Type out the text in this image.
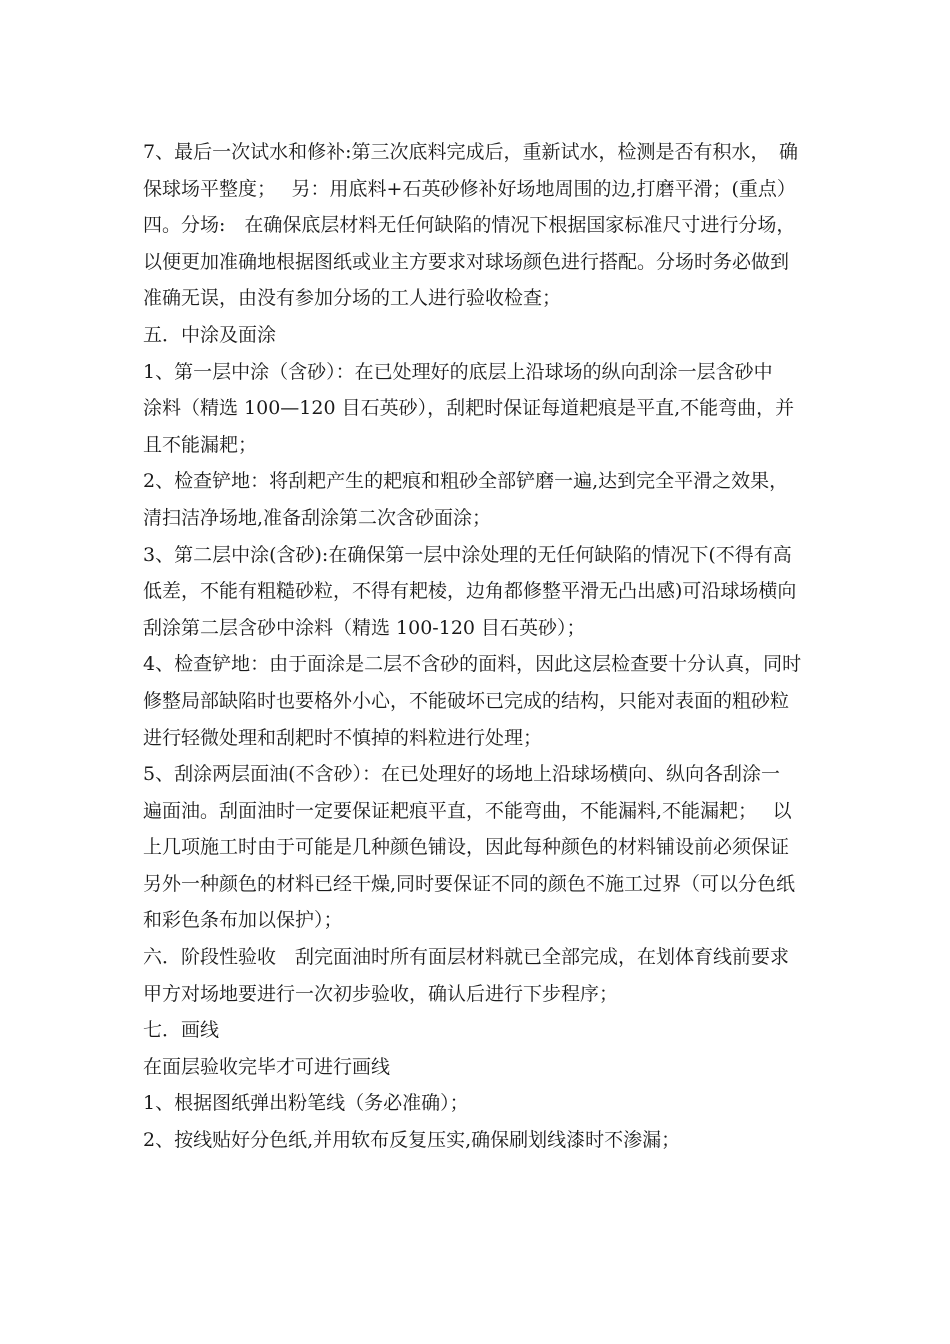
7、最后一次试水和修补:第三次底料完成后，重新试水，检测是否有积水，　确
保球场平整度；　 另：用底料+石英砂修补好场地周围的边,打磨平滑；(重点）
四。分场:　在确保底层材料无任何缺陷的情况下根据国家标准尺寸进行分场，
以便更加准确地根据图纸或业主方要求对球场颜色进行搭配。分场时务必做到
准确无误，由没有参加分场的工人进行验收检查；
五．中涂及面涂
1、第一层中涂（含砂）：在已处理好的底层上沿球场的纵向刮涂一层含砂中
涂料（精选 100—120 目石英砂），刮耙时保证每道耙痕是平直,不能弯曲，并
且不能漏耙；
2、检查铲地：将刮耙产生的耙痕和粗砂全部铲磨一遍,达到完全平滑之效果，
清扫洁净场地,准备刮涂第二次含砂面涂；
3、第二层中涂(含砂):在确保第一层中涂处理的无任何缺陷的情况下(不得有高
低差，不能有粗糙砂粒，不得有耙棱，边角都修整平滑无凸出感)可沿球场横向
刮涂第二层含砂中涂料（精选 100-120 目石英砂）；
4、检查铲地：由于面涂是二层不含砂的面料，因此这层检查要十分认真，同时
修整局部缺陷时也要格外小心，不能破坏已完成的结构，只能对表面的粗砂粒
进行轻微处理和刮耙时不慎掉的料粒进行处理；
5、刮涂两层面油(不含砂）：在已处理好的场地上沿球场横向、纵向各刮涂一
遍面油。刮面油时一定要保证耙痕平直，不能弯曲，不能漏料,不能漏耙；　 以
上几项施工时由于可能是几种颜色铺设，因此每种颜色的材料铺设前必须保证
另外一种颜色的材料已经干燥,同时要保证不同的颜色不施工过界（可以分色纸
和彩色条布加以保护）；
六．阶段性验收　刮完面油时所有面层材料就已全部完成，在划体育线前要求
甲方对场地要进行一次初步验收，确认后进行下步程序；
七．画线
在面层验收完毕才可进行画线
1、根据图纸弹出粉笔线（务必准确）；
2、按线贴好分色纸,并用软布反复压实,确保刷划线漆时不渗漏；
